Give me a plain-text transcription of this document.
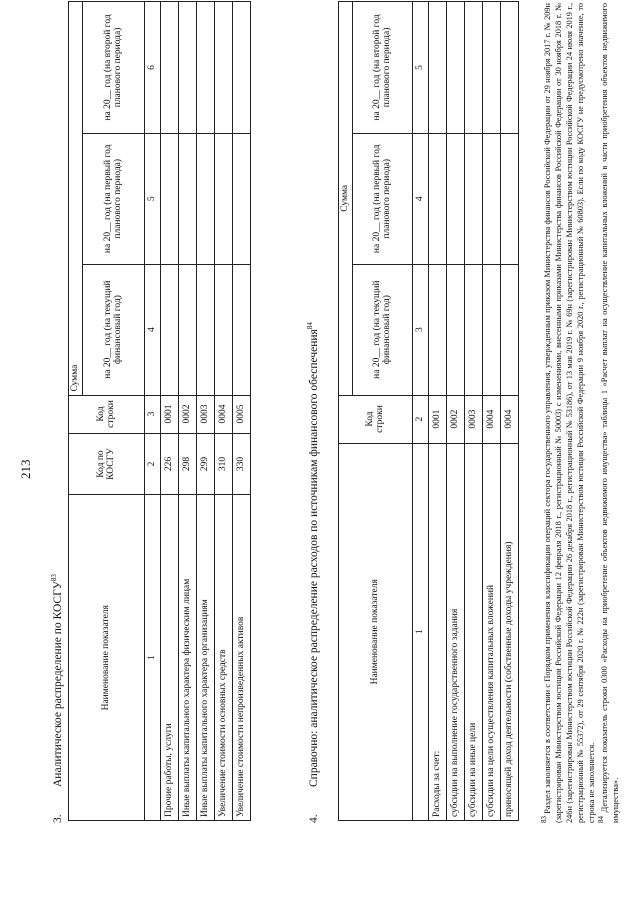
213
3.Аналитическое распределение по КОСГУ$^{83}$
Наименование показателя	Код по КОСГУ	Код строки	Сумма		
			на 20__ год (на текущий финансовый год)	на 20__ год (на первый год планового периода)	на 20__ год (на второй год планового периода)
1	2	3	4	5	6
Прочие работы, услуги	226	0001			
Иные выплаты капитального характера физическим лицам	298	0002			
Иные выплаты капитального характера организациям	299	0003			
Увеличение стоимости основных средств	310	0004			
Увеличение стоимости непроизведенных активов	330	0005			
4.Справочно: аналитическое распределение расходов по источникам финансового обеспечения$^{84}$
Наименование показателя	Код строки	Сумма		
		на 20__ год (на текущий финансовый год)	на 20__ год (на первый год планового периода)	на 20__ год (на второй год планового периода)
1	2	3	4	5
Расходы за счет:	0001			
субсидии на выполнение государственного задания	0002			
субсидии на иные цели	0003			
субсидии на цели осуществления капитальных вложений	0004			
приносящей доход деятельности (собственные доходы учреждения)	0004			

$^{83}$ Раздел заполняется в соответствии с Порядком применения классификации операций сектора государственного управления, утвержденным приказом Министерства финансов Российской Федерации от 29 ноября 2017 г. № 209н (зарегистрирован Министерством юстиции Российской Федерации 12 февраля 2018 г., регистрационный № 50003) с изменениями, внесенными приказами Министерства финансов Российской Федерации от 30 ноября 2018 г. № 246н (зарегистрирован Министерством юстиции Российской Федерации 26 декабря 2018 г., регистрационный № 53186), от 13 мая 2019 г. № 69н (зарегистрирован Министерством юстиции Российской Федерации 24 июля 2019 г., регистрационный № 55372), от 29 сентября 2020 г. № 222н (зарегистрирован Министерством юстиции Российской Федерации 9 ноября 2020 г., регистрационный № 60803). Если по коду КОСГУ не предусмотрено значение, то строка не заполняется. $^{84}$ Детализируется показатель строки 0300 «Расходы на приобретение объектов недвижимого имущества» таблицы 1 «Расчет выплат на осуществление капитальных вложений в части приобретения объектов недвижимого имущества».
